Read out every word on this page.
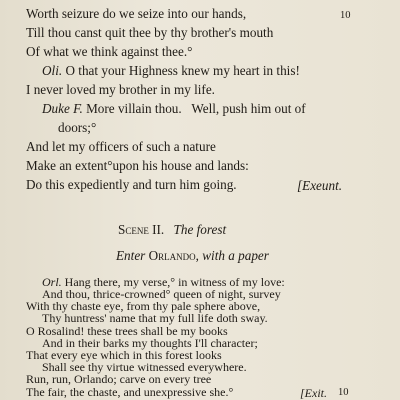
Worth seizure do we seize into our hands,	10
Till thou canst quit thee by thy brother's mouth
Of what we think against thee.°
Oli. O that your Highness knew my heart in this!
I never loved my brother in my life.
Duke F. More villain thou.   Well, push him out of
doors;°
And let my officers of such a nature
Make an extent°upon his house and lands:
Do this expediently and turn him going.	[Exeunt.
Scene II. The forest
Enter Orlando, with a paper
Orl. Hang there, my verse,° in witness of my love:
And thou, thrice-crowned° queen of night, survey
With thy chaste eye, from thy pale sphere above,
Thy huntress' name that my full life doth sway.
O Rosalind! these trees shall be my books
And in their barks my thoughts I'll character;
That every eye which in this forest looks
Shall see thy virtue witnessed everywhere.
Run, run, Orlando; carve on every tree
The fair, the chaste, and unexpressive she.°	[Exit. 10
